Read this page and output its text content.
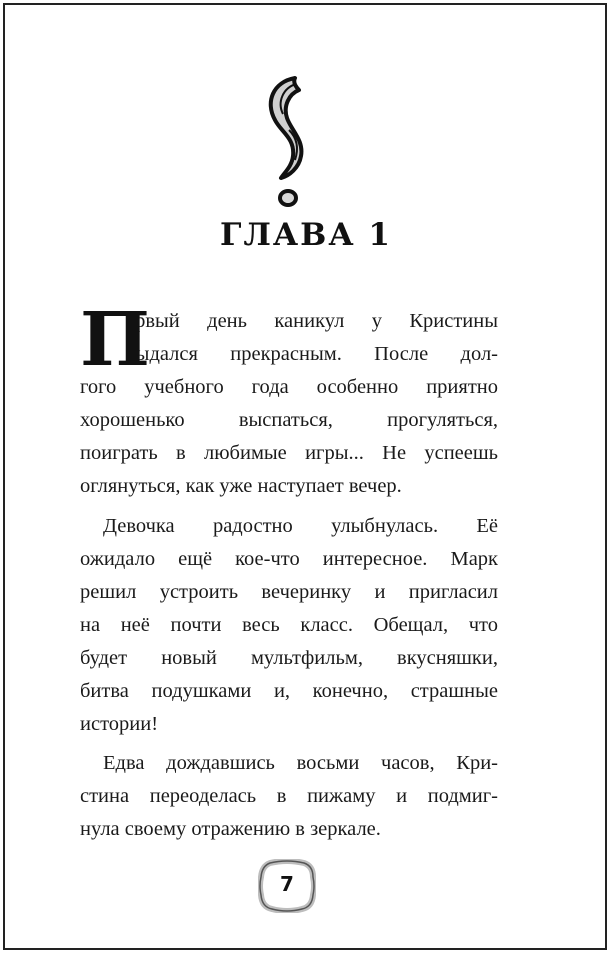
ГЛАВА 1
П
ервый день каникул у Кристины
выдался прекрасным. После дол-
гого учебного года особенно приятно
хорошенько выспаться, прогуляться,
поиграть в любимые игры... Не успеешь
оглянуться, как уже наступает вечер.
Девочка радостно улыбнулась. Её
ожидало ещё кое-что интересное. Марк
решил устроить вечеринку и пригласил
на неё почти весь класс. Обещал, что
будет новый мультфильм, вкусняшки,
битва подушками и, конечно, страшные
истории!
Едва дождавшись восьми часов, Кри-
стина переоделась в пижаму и подмиг-
нула своему отражению в зеркале.
7
